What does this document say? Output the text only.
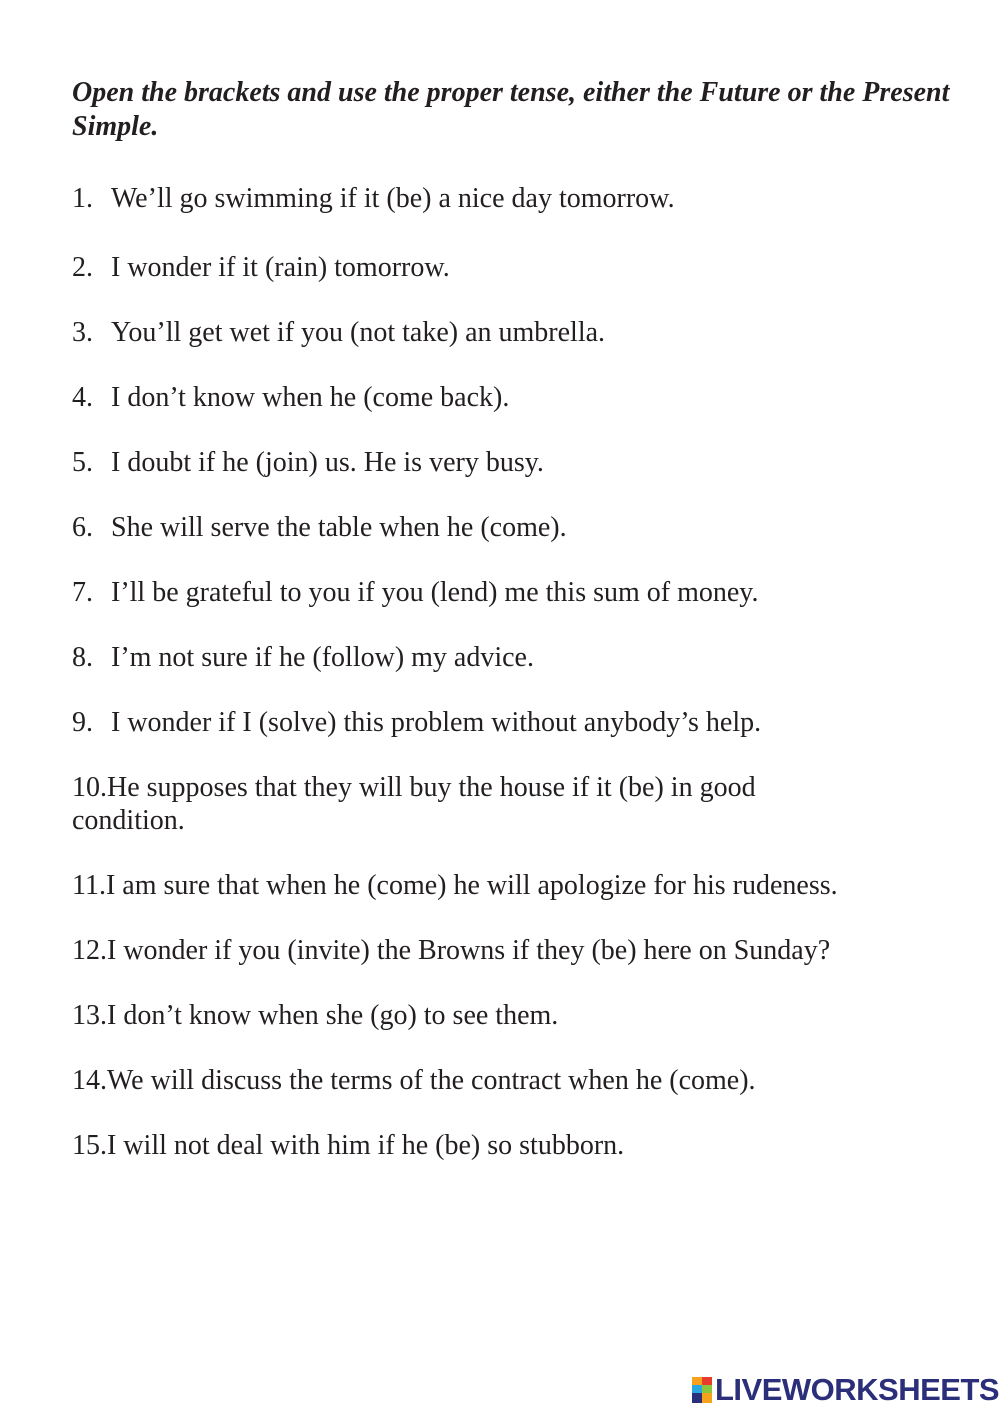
Open the brackets and use the proper tense, either the Future or the Present Simple.

1. We’ll go swimming if it (be) a nice day tomorrow.

2. I wonder if it (rain) tomorrow.

3. You’ll get wet if you (not take) an umbrella.

4. I don’t know when he (come back).

5. I doubt if he (join) us. He is very busy.

6. She will serve the table when he (come).

7. I’ll be grateful to you if you (lend) me this sum of money.

8. I’m not sure if he (follow) my advice.

9. I wonder if I (solve) this problem without anybody’s help.

10.He supposes that they will buy the house if it (be) in good condition.

11.I am sure that when he (come) he will apologize for his rudeness.

12.I wonder if you (invite) the Browns if they (be) here on Sunday?

13.I don’t know when she (go) to see them.

14.We will discuss the terms of the contract when he (come).

15.I will not deal with him if he (be) so stubborn.

LIVEWORKSHEETS
